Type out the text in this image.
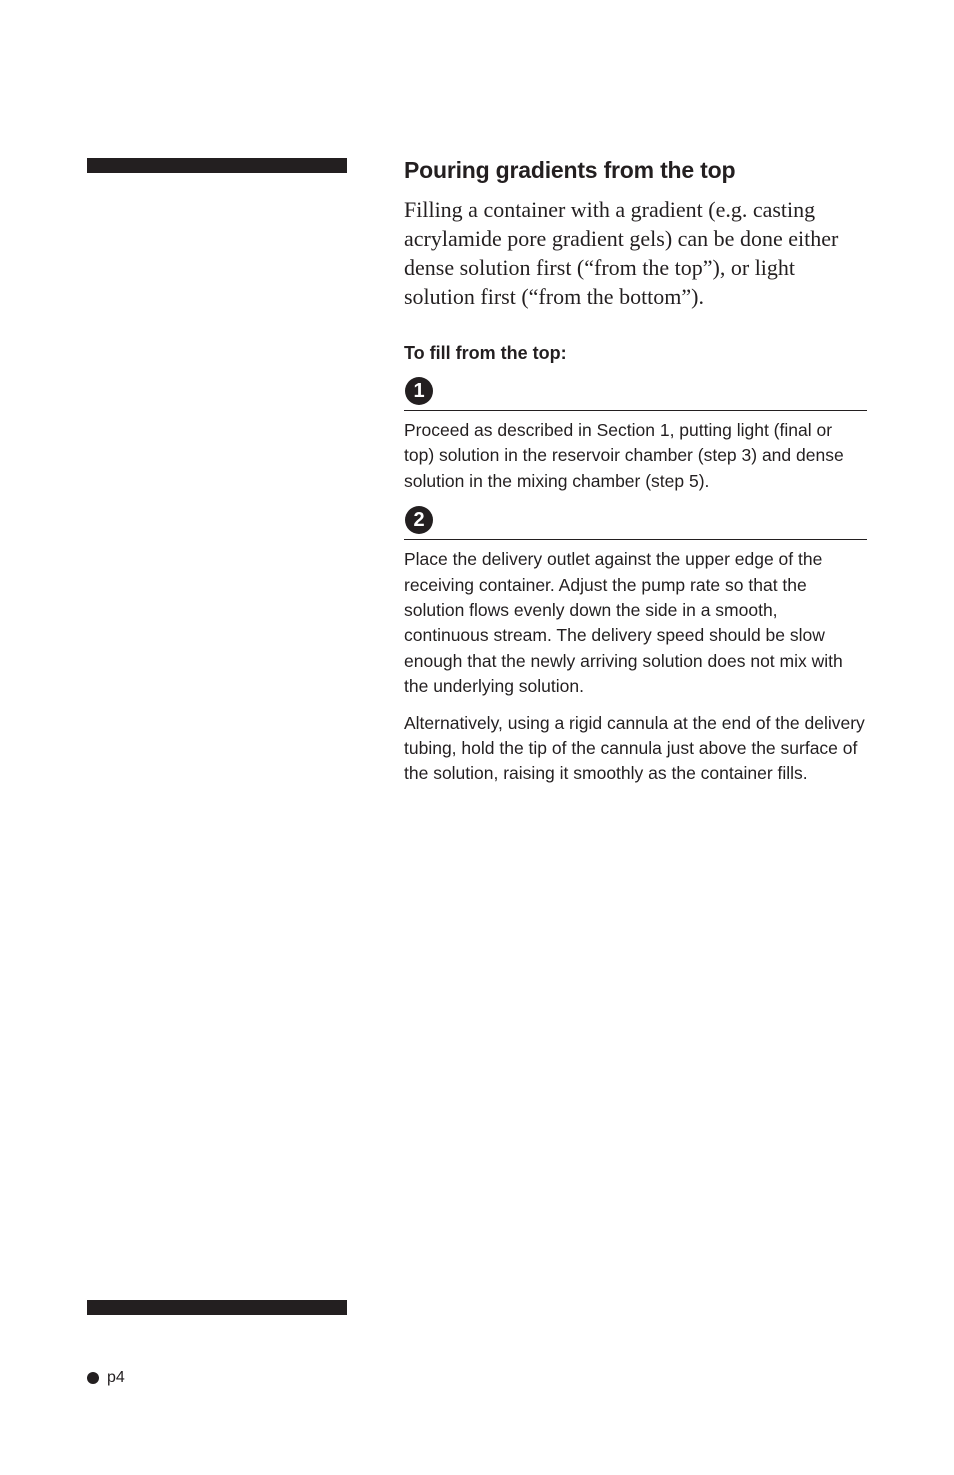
Pouring gradients from the top

Filling a container with a gradient (e.g. casting acrylamide pore gradient gels) can be done either dense solution first (“from the top”), or light solution first (“from the bottom”).

To fill from the top:
1

Proceed as described in Section 1, putting light (final or top) solution in the reservoir chamber (step 3) and dense solution in the mixing chamber (step 5).

2

Place the delivery outlet against the upper edge of the receiving container. Adjust the pump rate so that the solution flows evenly down the side in a smooth, continuous stream. The delivery speed should be slow enough that the newly arriving solution does not mix with the underlying solution.

Alternatively, using a rigid cannula at the end of the delivery tubing, hold the tip of the cannula just above the surface of the solution, raising it smoothly as the container fills.

p4
